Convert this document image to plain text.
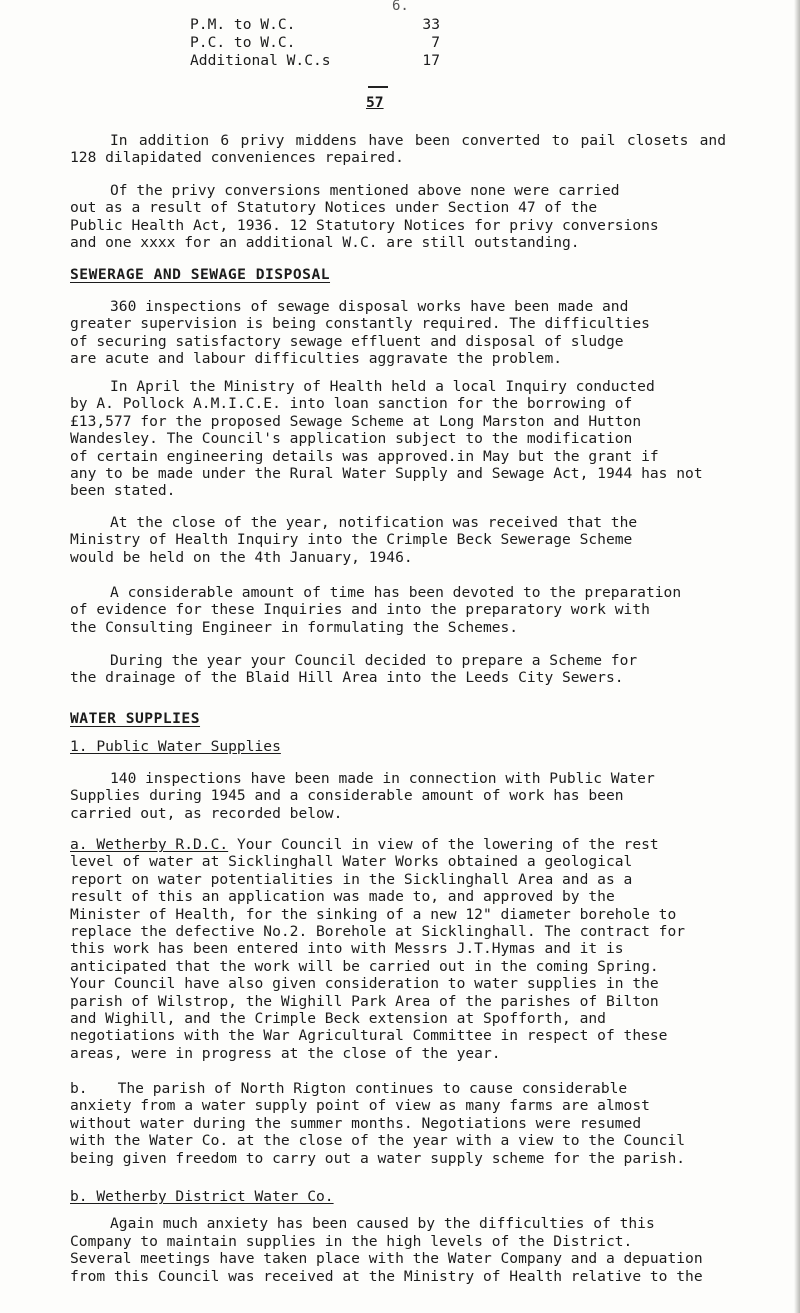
6.
P.M. to W.C.	33
P.C. to W.C.	7
Additional W.C.s	17
57
In addition 6 privy middens have been converted to pail closets and 128 dilapidated conveniences repaired.
Of the privy conversions mentioned above none were carried
out as a result of Statutory Notices under Section 47 of the
Public Health Act, 1936. 12 Statutory Notices for privy conversions
and one xxxx for an additional W.C. are still outstanding.
SEWERAGE AND SEWAGE DISPOSAL
360 inspections of sewage disposal works have been made and
greater supervision is being constantly required. The difficulties
of securing satisfactory sewage effluent and disposal of sludge
are acute and labour difficulties aggravate the problem.
In April the Ministry of Health held a local Inquiry conducted
by A. Pollock A.M.I.C.E. into loan sanction for the borrowing of
£13,577 for the proposed Sewage Scheme at Long Marston and Hutton
Wandesley. The Council's application subject to the modification
of certain engineering details was approved.in May but the grant if
any to be made under the Rural Water Supply and Sewage Act, 1944 has not
been stated.
At the close of the year, notification was received that the
Ministry of Health Inquiry into the Crimple Beck Sewerage Scheme
would be held on the 4th January, 1946.
A considerable amount of time has been devoted to the preparation
of evidence for these Inquiries and into the preparatory work with
the Consulting Engineer in formulating the Schemes.
During the year your Council decided to prepare a Scheme for
the drainage of the Blaid Hill Area into the Leeds City Sewers.
WATER SUPPLIES
1. Public Water Supplies
140 inspections have been made in connection with Public Water
Supplies during 1945 and a considerable amount of work has been
carried out, as recorded below.
a. Wetherby R.D.C. Your Council in view of the lowering of the rest
level of water at Sicklinghall Water Works obtained a geological
report on water potentialities in the Sicklinghall Area and as a
result of this an application was made to, and approved by the
Minister of Health, for the sinking of a new 12" diameter borehole to
replace the defective No.2. Borehole at Sicklinghall. The contract for
this work has been entered into with Messrs J.T.Hymas and it is
anticipated that the work will be carried out in the coming Spring.
Your Council have also given consideration to water supplies in the
parish of Wilstrop, the Wighill Park Area of the parishes of Bilton
and Wighill, and the Crimple Beck extension at Spofforth, and
negotiations with the War Agricultural Committee in respect of these
areas, were in progress at the close of the year.
b. The parish of North Rigton continues to cause considerable
anxiety from a water supply point of view as many farms are almost
without water during the summer months. Negotiations were resumed
with the Water Co. at the close of the year with a view to the Council
being given freedom to carry out a water supply scheme for the parish.
b. Wetherby District Water Co.
Again much anxiety has been caused by the difficulties of this
Company to maintain supplies in the high levels of the District.
Several meetings have taken place with the Water Company and a depuation
from this Council was received at the Ministry of Health relative to the
